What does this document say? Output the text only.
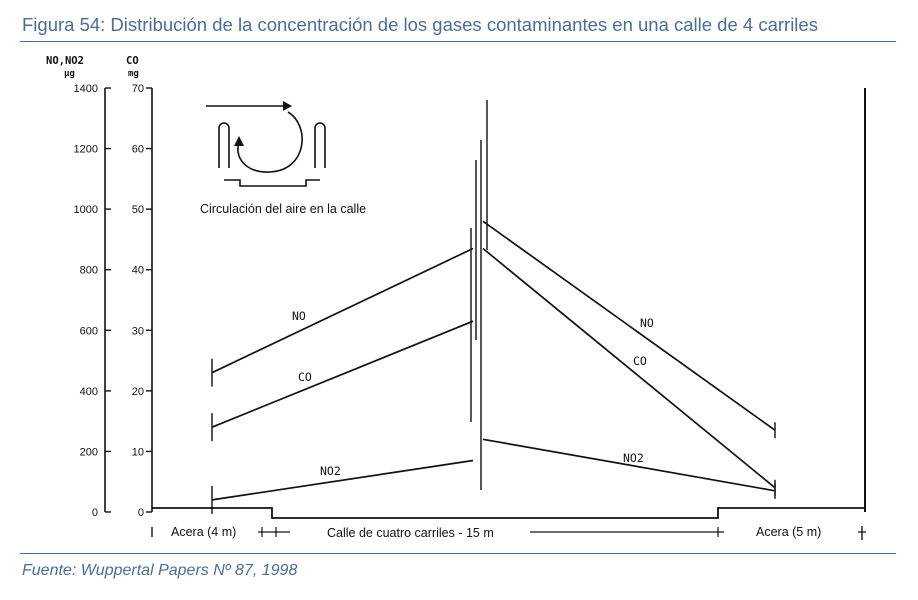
Figura 54: Distribución de la concentración de los gases contaminantes en una calle de 4 carriles
NO,NO2	CO
μg	mg
0
200
400
600
800
1000
1200
1400
0
10
20
30
40
50
60
70
NO
CO
NO2
NO
CO
NO2
Circulación del aire en la calle
Acera (4 m)	Calle de cuatro carriles - 15 m	Acera (5 m)
Fuente: Wuppertal Papers Nº 87, 1998
